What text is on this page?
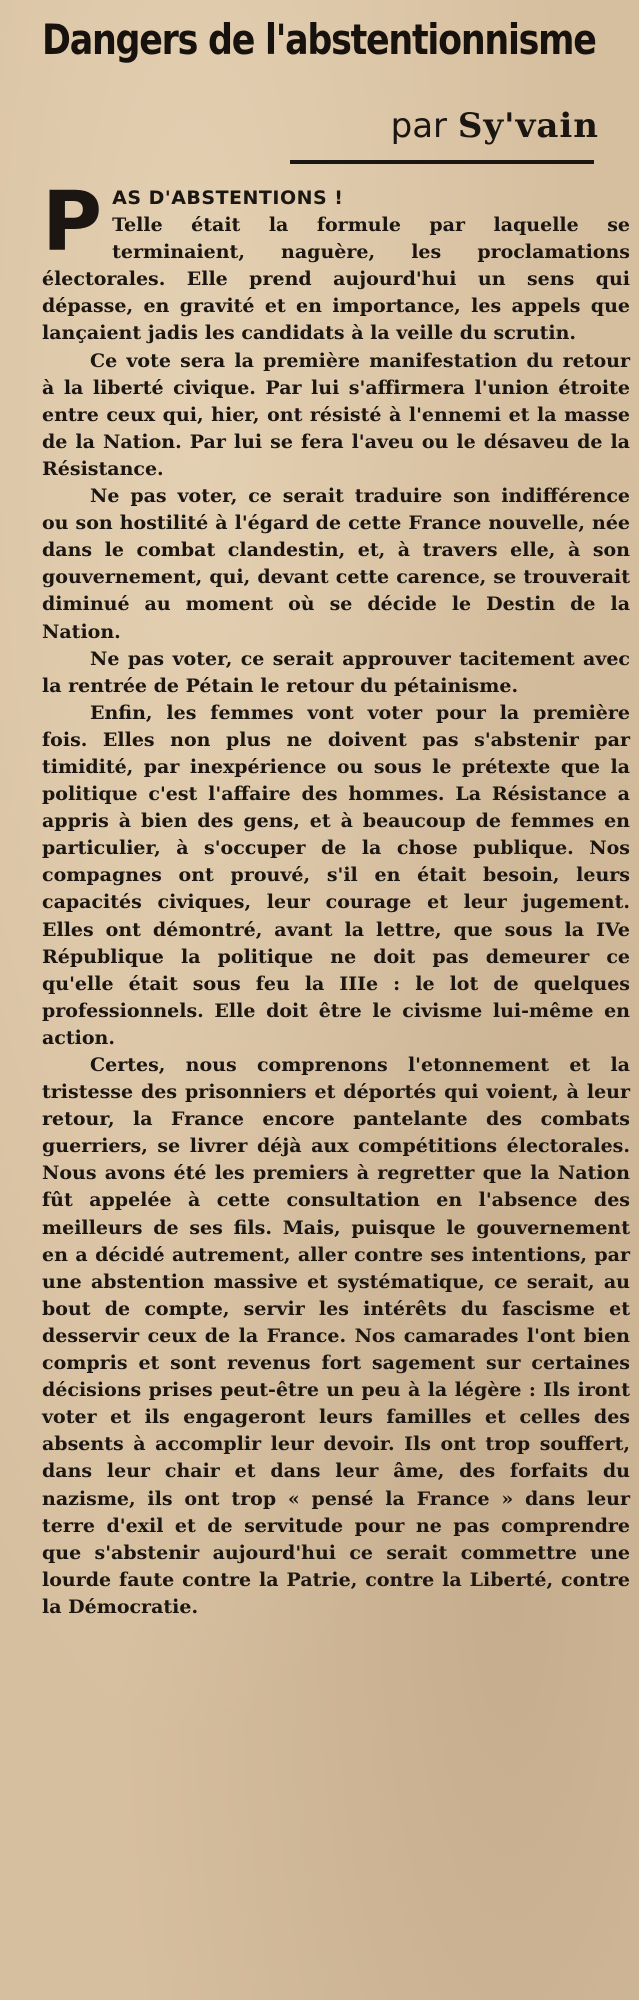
Dangers de l'abstentionnisme
par Sy'vain

P AS D'ABSTENTIONS !
Telle était la formule par laquelle se terminaient, naguère, les proclamations électorales. Elle prend aujourd'hui un sens qui dépasse, en gravité et en importance, les appels que lançaient jadis les candidats à la veille du scrutin.

Ce vote sera la première manifestation du retour à la liberté civique. Par lui s'affirmera l'union étroite entre ceux qui, hier, ont résisté à l'ennemi et la masse de la Nation. Par lui se fera l'aveu ou le désaveu de la Résistance.

Ne pas voter, ce serait traduire son indifférence ou son hostilité à l'égard de cette France nouvelle, née dans le combat clandestin, et, à travers elle, à son gouvernement, qui, devant cette carence, se trouverait diminué au moment où se décide le Destin de la Nation.

Ne pas voter, ce serait approuver tacitement avec la rentrée de Pétain le retour du pétainisme.

Enfin, les femmes vont voter pour la première fois. Elles non plus ne doivent pas s'abstenir par timidité, par inexpérience ou sous le prétexte que la politique c'est l'affaire des hommes. La Résistance a appris à bien des gens, et à beaucoup de femmes en particulier, à s'occuper de la chose publique. Nos compagnes ont prouvé, s'il en était besoin, leurs capacités civiques, leur courage et leur jugement. Elles ont démontré, avant la lettre, que sous la IVe République la politique ne doit pas demeurer ce qu'elle était sous feu la IIIe : le lot de quelques professionnels. Elle doit être le civisme lui-même en action.

Certes, nous comprenons l'etonnement et la tristesse des prisonniers et déportés qui voient, à leur retour, la France encore pantelante des combats guerriers, se livrer déjà aux compétitions électorales. Nous avons été les premiers à regretter que la Nation fût appelée à cette consultation en l'absence des meilleurs de ses fils. Mais, puisque le gouvernement en a décidé autrement, aller contre ses intentions, par une abstention massive et systématique, ce serait, au bout de compte, servir les intérêts du fascisme et desservir ceux de la France. Nos camarades l'ont bien compris et sont revenus fort sagement sur certaines décisions prises peut-être un peu à la légère : Ils iront voter et ils engageront leurs familles et celles des absents à accomplir leur devoir. Ils ont trop souffert, dans leur chair et dans leur âme, des forfaits du nazisme, ils ont trop « pensé la France » dans leur terre d'exil et de servitude pour ne pas comprendre que s'abstenir aujourd'hui ce serait commettre une lourde faute contre la Patrie, contre la Liberté, contre la Démocratie.
